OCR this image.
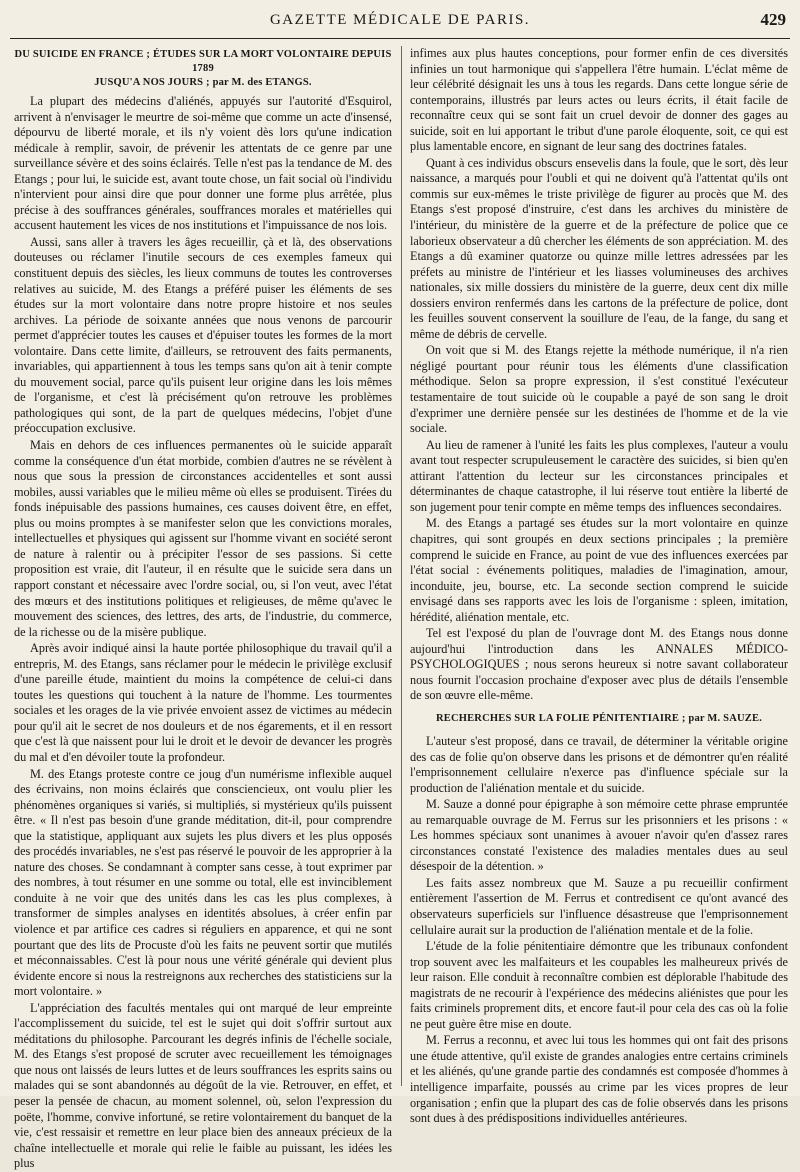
GAZETTE MÉDICALE DE PARIS.	429
DU SUICIDE EN FRANCE ; ÉTUDES SUR LA MORT VOLONTAIRE DEPUIS 1789
JUSQU'A NOS JOURS ; par M. des ETANGS.

La plupart des médecins d'aliénés, appuyés sur l'autorité d'Esquirol, arrivent à n'envisager le meurtre de soi-même que comme un acte d'insensé, dépourvu de liberté morale, et ils n'y voient dès lors qu'une indication médicale à remplir, savoir, de prévenir les attentats de ce genre par une surveillance sévère et des soins éclairés. Telle n'est pas la tendance de M. des Etangs ; pour lui, le suicide est, avant toute chose, un fait social où l'individu n'intervient pour ainsi dire que pour donner une forme plus arrêtée, plus précise à des souffrances générales, souffrances morales et matérielles qui accusent hautement les vices de nos institutions et l'impuissance de nos lois.

Aussi, sans aller à travers les âges recueillir, çà et là, des observations douteuses ou réclamer l'inutile secours de ces exemples fameux qui constituent depuis des siècles, les lieux communs de toutes les controverses relatives au suicide, M. des Etangs a préféré puiser les éléments de ses études sur la mort volontaire dans notre propre histoire et nos seules archives. La période de soixante années que nous venons de parcourir permet d'apprécier toutes les causes et d'épuiser toutes les formes de la mort volontaire. Dans cette limite, d'ailleurs, se retrouvent des faits permanents, invariables, qui appartiennent à tous les temps sans qu'on ait à tenir compte du mouvement social, parce qu'ils puisent leur origine dans les lois mêmes de l'organisme, et c'est là précisément qu'on retrouve les problèmes pathologiques qui sont, de la part de quelques médecins, l'objet d'une préoccupation exclusive.

Mais en dehors de ces influences permanentes où le suicide apparaît comme la conséquence d'un état morbide, combien d'autres ne se révèlent à nous que sous la pression de circonstances accidentelles et sont aussi mobiles, aussi variables que le milieu même où elles se produisent. Tirées du fonds inépuisable des passions humaines, ces causes doivent être, en effet, plus ou moins promptes à se manifester selon que les convictions morales, intellectuelles et physiques qui agissent sur l'homme vivant en société seront de nature à ralentir ou à précipiter l'essor de ses passions. Si cette proposition est vraie, dit l'auteur, il en résulte que le suicide sera dans un rapport constant et nécessaire avec l'ordre social, ou, si l'on veut, avec l'état des mœurs et des institutions politiques et religieuses, de même qu'avec le mouvement des sciences, des lettres, des arts, de l'industrie, du commerce, de la richesse ou de la misère publique.

Après avoir indiqué ainsi la haute portée philosophique du travail qu'il a entrepris, M. des Etangs, sans réclamer pour le médecin le privilège exclusif d'une pareille étude, maintient du moins la compétence de celui-ci dans toutes les questions qui touchent à la nature de l'homme. Les tourmentes sociales et les orages de la vie privée envoient assez de victimes au médecin pour qu'il ait le secret de nos douleurs et de nos égarements, et il en ressort que c'est là que naissent pour lui le droit et le devoir de devancer les progrès du mal et d'en dévoiler toute la profondeur.

M. des Etangs proteste contre ce joug d'un numérisme inflexible auquel des écrivains, non moins éclairés que consciencieux, ont voulu plier les phénomènes organiques si variés, si multipliés, si mystérieux qu'ils puissent être. « Il n'est pas besoin d'une grande méditation, dit-il, pour comprendre que la statistique, appliquant aux sujets les plus divers et les plus opposés des procédés invariables, ne s'est pas réservé le pouvoir de les approprier à la nature des choses. Se condamnant à compter sans cesse, à tout exprimer par des nombres, à tout résumer en une somme ou total, elle est invinciblement conduite à ne voir que des unités dans les cas les plus complexes, à transformer de simples analyses en identités absolues, à créer enfin par violence et par artifice ces cadres si réguliers en apparence, et qui ne sont pourtant que des lits de Procuste d'où les faits ne peuvent sortir que mutilés et méconnaissables. C'est là pour nous une vérité générale qui devient plus évidente encore si nous la restreignons aux recherches des statisticiens sur la mort volontaire. »

L'appréciation des facultés mentales qui ont marqué de leur empreinte l'accomplissement du suicide, tel est le sujet qui doit s'offrir surtout aux méditations du philosophe. Parcourant les degrés infinis de l'échelle sociale, M. des Etangs s'est proposé de scruter avec recueillement les témoignages que nous ont laissés de leurs luttes et de leurs souffrances les esprits sains ou malades qui se sont abandonnés au dégoût de la vie. Retrouver, en effet, et peser la pensée de chacun, au moment solennel, où, selon l'expression du poëte, l'homme, convive infortuné, se retire volontairement du banquet de la vie, c'est ressaisir et remettre en leur place bien des anneaux précieux de la chaîne intellectuelle et morale qui relie le faible au puissant, les idées les plus

infimes aux plus hautes conceptions, pour former enfin de ces diversités infinies un tout harmonique qui s'appellera l'être humain. L'éclat même de leur célébrité désignait les uns à tous les regards. Dans cette longue série de contemporains, illustrés par leurs actes ou leurs écrits, il était facile de reconnaître ceux qui se sont fait un cruel devoir de donner des gages au suicide, soit en lui apportant le tribut d'une parole éloquente, soit, ce qui est plus lamentable encore, en signant de leur sang des doctrines fatales.

Quant à ces individus obscurs ensevelis dans la foule, que le sort, dès leur naissance, a marqués pour l'oubli et qui ne doivent qu'à l'attentat qu'ils ont commis sur eux-mêmes le triste privilège de figurer au procès que M. des Etangs s'est proposé d'instruire, c'est dans les archives du ministère de l'intérieur, du ministère de la guerre et de la préfecture de police que ce laborieux observateur a dû chercher les éléments de son appréciation. M. des Etangs a dû examiner quatorze ou quinze mille lettres adressées par les préfets au ministre de l'intérieur et les liasses volumineuses des archives nationales, six mille dossiers du ministère de la guerre, deux cent dix mille dossiers environ renfermés dans les cartons de la préfecture de police, dont les feuilles souvent conservent la souillure de l'eau, de la fange, du sang et même de débris de cervelle.

On voit que si M. des Etangs rejette la méthode numérique, il n'a rien négligé pourtant pour réunir tous les éléments d'une classification méthodique. Selon sa propre expression, il s'est constitué l'exécuteur testamentaire de tout suicide où le coupable a payé de son sang le droit d'exprimer une dernière pensée sur les destinées de l'homme et de la vie sociale.

Au lieu de ramener à l'unité les faits les plus complexes, l'auteur a voulu avant tout respecter scrupuleusement le caractère des suicides, si bien qu'en attirant l'attention du lecteur sur les circonstances principales et déterminantes de chaque catastrophe, il lui réserve tout entière la liberté de son jugement pour tenir compte en même temps des influences secondaires.

M. des Etangs a partagé ses études sur la mort volontaire en quinze chapitres, qui sont groupés en deux sections principales ; la première comprend le suicide en France, au point de vue des influences exercées par l'état social : événements politiques, maladies de l'imagination, amour, inconduite, jeu, bourse, etc. La seconde section comprend le suicide envisagé dans ses rapports avec les lois de l'organisme : spleen, imitation, hérédité, aliénation mentale, etc.

Tel est l'exposé du plan de l'ouvrage dont M. des Etangs nous donne aujourd'hui l'introduction dans les ANNALES MÉDICO-PSYCHOLOGIQUES ; nous serons heureux si notre savant collaborateur nous fournit l'occasion prochaine d'exposer avec plus de détails l'ensemble de son œuvre elle-même.

RECHERCHES SUR LA FOLIE PÉNITENTIAIRE ; par M. SAUZE.

L'auteur s'est proposé, dans ce travail, de déterminer la véritable origine des cas de folie qu'on observe dans les prisons et de démontrer qu'en réalité l'emprisonnement cellulaire n'exerce pas d'influence spéciale sur la production de l'aliénation mentale et du suicide.

M. Sauze a donné pour épigraphe à son mémoire cette phrase empruntée au remarquable ouvrage de M. Ferrus sur les prisonniers et les prisons : « Les hommes spéciaux sont unanimes à avouer n'avoir qu'en d'assez rares circonstances constaté l'existence des maladies mentales dues au seul désespoir de la détention. »

Les faits assez nombreux que M. Sauze a pu recueillir confirment entièrement l'assertion de M. Ferrus et contredisent ce qu'ont avancé des observateurs superficiels sur l'influence désastreuse que l'emprisonnement cellulaire aurait sur la production de l'aliénation mentale et de la folie.

L'étude de la folie pénitentiaire démontre que les tribunaux confondent trop souvent avec les malfaiteurs et les coupables les malheureux privés de leur raison. Elle conduit à reconnaître combien est déplorable l'habitude des magistrats de ne recourir à l'expérience des médecins aliénistes que pour les faits criminels proprement dits, et encore faut-il pour cela des cas où la folie ne peut guère être mise en doute.

M. Ferrus a reconnu, et avec lui tous les hommes qui ont fait des prisons une étude attentive, qu'il existe de grandes analogies entre certains criminels et les aliénés, qu'une grande partie des condamnés est composée d'hommes à intelligence imparfaite, poussés au crime par les vices propres de leur organisation ; enfin que la plupart des cas de folie observés dans les prisons sont dues à des prédispositions individuelles antérieures.
